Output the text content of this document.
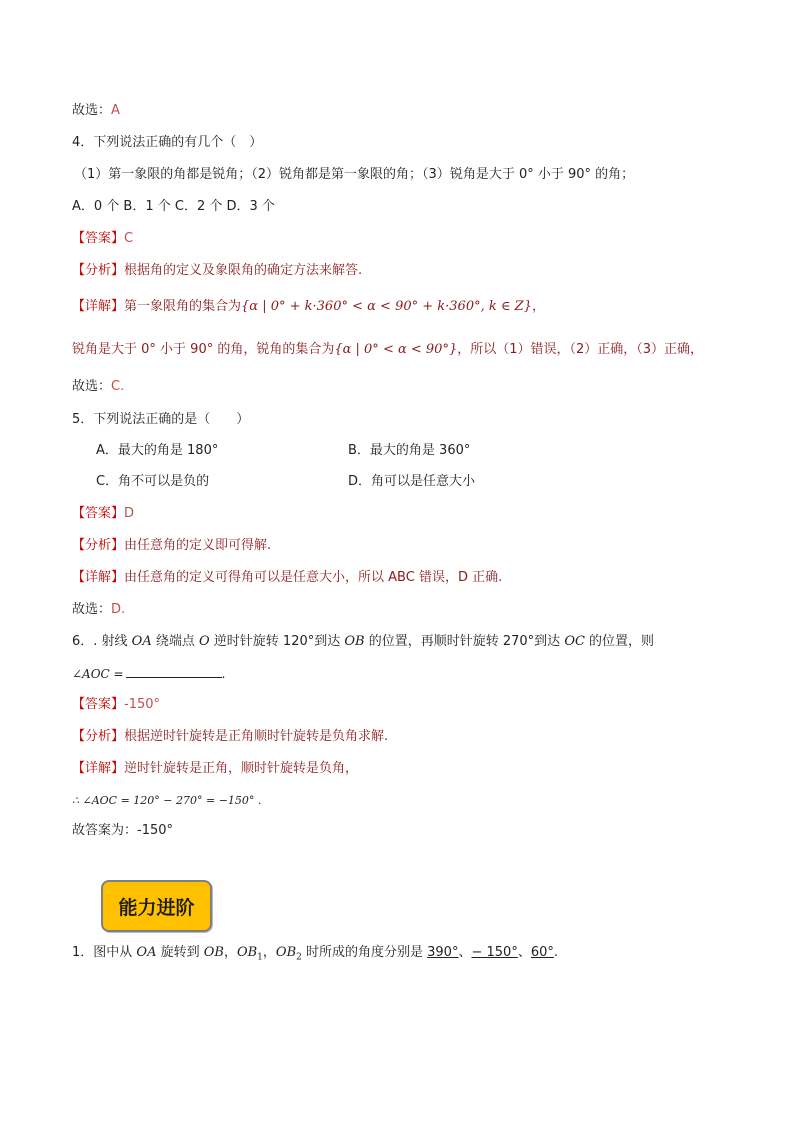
故选：A
4．下列说法正确的有几个（　）
（1）第一象限的角都是锐角；（2）锐角都是第一象限的角；（3）锐角是大于 0° 小于 90° 的角；
A．0 个 B．1 个 C．2 个 D．3 个
【答案】C
【分析】根据角的定义及象限角的确定方法来解答.
【详解】第一象限角的集合为{α | 0° + k·360° < α < 90° + k·360°, k ∈ Z}，
锐角是大于 0° 小于 90° 的角，锐角的集合为{α | 0° < α < 90°}，所以（1）错误，（2）正确，（3）正确，
故选：C.
5．下列说法正确的是（　　）
A．最大的角是 180°	B．最大的角是 360°
C．角不可以是负的	D．角可以是任意大小
【答案】D
【分析】由任意角的定义即可得解.
【详解】由任意角的定义可得角可以是任意大小，所以 ABC 错误，D 正确.
故选：D.
6．. 射线 OA 绕端点 O 逆时针旋转 120°到达 OB 的位置，再顺时针旋转 270°到达 OC 的位置，则
∠AOC =	.
【答案】-150°
【分析】根据逆时针旋转是正角顺时针旋转是负角求解.
【详解】逆时针旋转是正角，顺时针旋转是负角，
∴ ∠AOC = 120° − 270° = −150° .
故答案为：-150°
能力进阶
1．图中从 OA 旋转到 OB，$OB_1$，$OB_2$ 时所成的角度分别是 390°、− 150°、60°.
